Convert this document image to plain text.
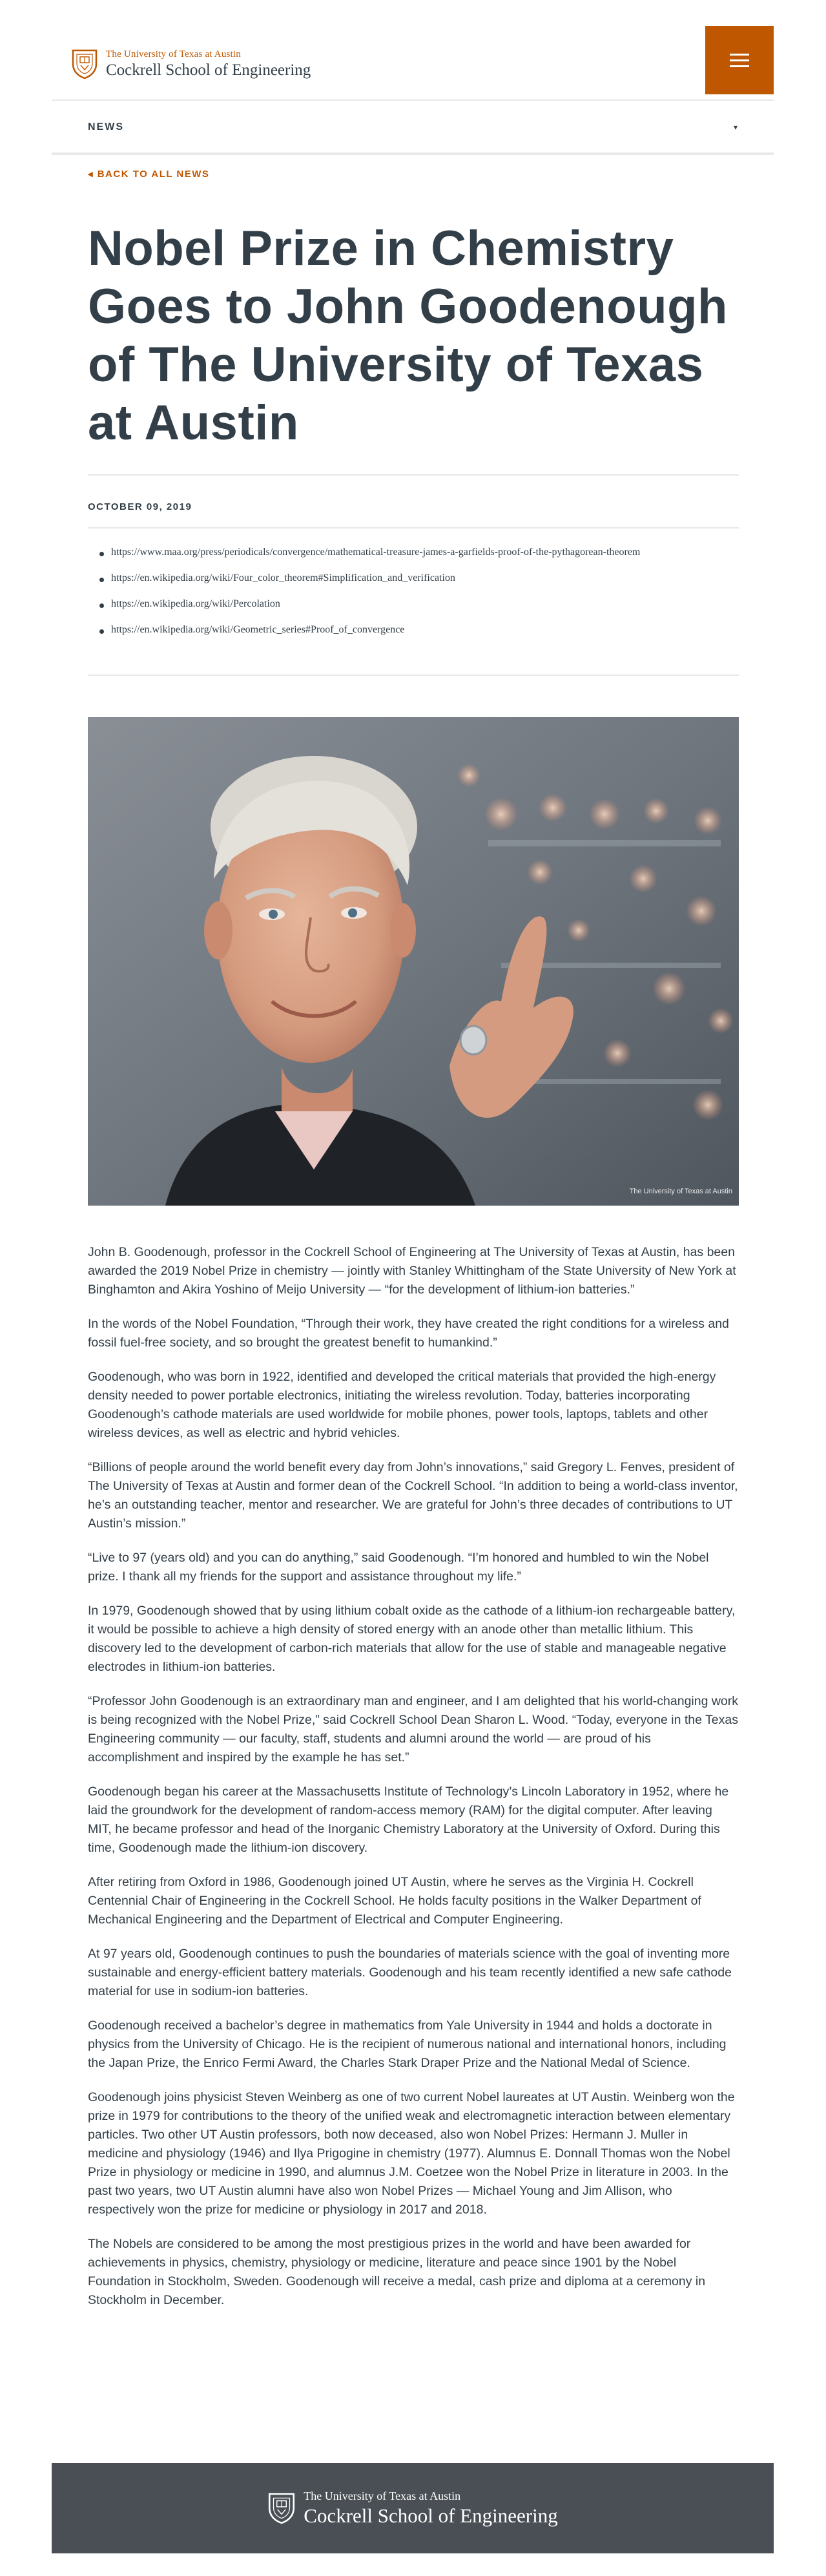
The University of Texas at Austin
Cockrell School of Engineering
NEWS	▾
◂ BACK TO ALL NEWS
Nobel Prize in Chemistry Goes to John Goodenough of The University of Texas at Austin
OCTOBER 09, 2019
https://www.maa.org/press/periodicals/convergence/mathematical-treasure-james-a-garfields-proof-of-the-pythagorean-theorem
https://en.wikipedia.org/wiki/Four_color_theorem#Simplification_and_verification
https://en.wikipedia.org/wiki/Percolation
https://en.wikipedia.org/wiki/Geometric_series#Proof_of_convergence
The University of Texas at Austin

John B. Goodenough, professor in the Cockrell School of Engineering at The University of Texas at Austin, has been awarded the 2019 Nobel Prize in chemistry — jointly with Stanley Whittingham of the State University of New York at Binghamton and Akira Yoshino of Meijo University — “for the development of lithium-ion batteries.”

In the words of the Nobel Foundation, “Through their work, they have created the right conditions for a wireless and fossil fuel-free society, and so brought the greatest benefit to humankind.”

Goodenough, who was born in 1922, identified and developed the critical materials that provided the high-energy density needed to power portable electronics, initiating the wireless revolution. Today, batteries incorporating Goodenough’s cathode materials are used worldwide for mobile phones, power tools, laptops, tablets and other wireless devices, as well as electric and hybrid vehicles.

“Billions of people around the world benefit every day from John’s innovations,” said Gregory L. Fenves, president of The University of Texas at Austin and former dean of the Cockrell School. “In addition to being a world-class inventor, he’s an outstanding teacher, mentor and researcher. We are grateful for John’s three decades of contributions to UT Austin’s mission.”

“Live to 97 (years old) and you can do anything,” said Goodenough. “I’m honored and humbled to win the Nobel prize. I thank all my friends for the support and assistance throughout my life.”

In 1979, Goodenough showed that by using lithium cobalt oxide as the cathode of a lithium-ion rechargeable battery, it would be possible to achieve a high density of stored energy with an anode other than metallic lithium. This discovery led to the development of carbon-rich materials that allow for the use of stable and manageable negative electrodes in lithium-ion batteries.

“Professor John Goodenough is an extraordinary man and engineer, and I am delighted that his world-changing work is being recognized with the Nobel Prize,” said Cockrell School Dean Sharon L. Wood. “Today, everyone in the Texas Engineering community — our faculty, staff, students and alumni around the world — are proud of his accomplishment and inspired by the example he has set.”

Goodenough began his career at the Massachusetts Institute of Technology’s Lincoln Laboratory in 1952, where he laid the groundwork for the development of random-access memory (RAM) for the digital computer. After leaving MIT, he became professor and head of the Inorganic Chemistry Laboratory at the University of Oxford. During this time, Goodenough made the lithium-ion discovery.

After retiring from Oxford in 1986, Goodenough joined UT Austin, where he serves as the Virginia H. Cockrell Centennial Chair of Engineering in the Cockrell School. He holds faculty positions in the Walker Department of Mechanical Engineering and the Department of Electrical and Computer Engineering.

At 97 years old, Goodenough continues to push the boundaries of materials science with the goal of inventing more sustainable and energy-efficient battery materials. Goodenough and his team recently identified a new safe cathode material for use in sodium-ion batteries.

Goodenough received a bachelor’s degree in mathematics from Yale University in 1944 and holds a doctorate in physics from the University of Chicago. He is the recipient of numerous national and international honors, including the Japan Prize, the Enrico Fermi Award, the Charles Stark Draper Prize and the National Medal of Science.

Goodenough joins physicist Steven Weinberg as one of two current Nobel laureates at UT Austin. Weinberg won the prize in 1979 for contributions to the theory of the unified weak and electromagnetic interaction between elementary particles. Two other UT Austin professors, both now deceased, also won Nobel Prizes: Hermann J. Muller in medicine and physiology (1946) and Ilya Prigogine in chemistry (1977). Alumnus E. Donnall Thomas won the Nobel Prize in physiology or medicine in 1990, and alumnus J.M. Coetzee won the Nobel Prize in literature in 2003. In the past two years, two UT Austin alumni have also won Nobel Prizes — Michael Young and Jim Allison, who respectively won the prize for medicine or physiology in 2017 and 2018.

The Nobels are considered to be among the most prestigious prizes in the world and have been awarded for achievements in physics, chemistry, physiology or medicine, literature and peace since 1901 by the Nobel Foundation in Stockholm, Sweden. Goodenough will receive a medal, cash prize and diploma at a ceremony in Stockholm in December.

The University of Texas at Austin
Cockrell School of Engineering
